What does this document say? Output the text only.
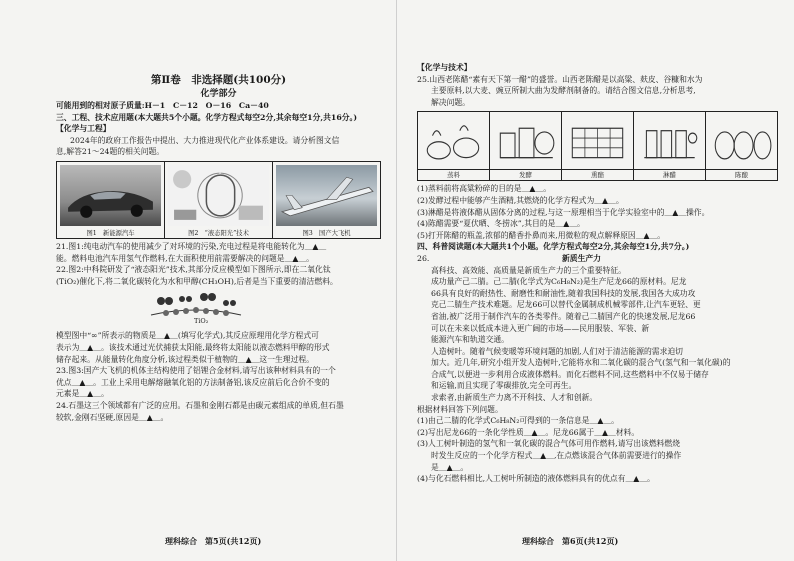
第Ⅱ卷　非选择题(共100分)
化学部分
可能用到的相对原子质量:H－1　C－12　O－16　Ca－40
三、工程、技术应用题(本大题共5个小题。化学方程式每空2分,其余每空1分,共16分。)
【化学与工程】
2024年的政府工作报告中提出、大力推进现代化产业体系建设。请分析图文信
息,解答21～24题的相关问题。
图1　新能源汽车	图2　“液态阳光”技术	图3　国产大飞机
21.图1:纯电动汽车的使用减少了对环境的污染,充电过程是将电能转化为＿▲＿
能。燃料电池汽车用氢气作燃料,在大面积使用前需要解决的问题是＿▲＿。
22.图2:中科院研发了“液态阳光”技术,其部分反应模型如下图所示,即在二氧化钛
(TiO₂)催化下,将二氧化碳转化为水和甲醇(CH₃OH),后者是当下重要的清洁燃料。
TiO₂
模型图中“∞”所表示的物质是＿▲＿(填写化学式),其反应原理用化学方程式可
表示为＿▲＿。该技术通过光伏捕获太阳能,最终将太阳能以液态燃料甲醇的形式
储存起来。从能量转化角度分析,该过程类似于植物的＿▲＿这一生理过程。
23.图3:国产大飞机的机体主结构使用了铝锂合金材料,请写出该种材料具有的一个
优点＿▲＿。工业上采用电解熔融氧化铝的方法制备铝,该反应前后化合价不变的
元素是＿▲＿。
24.石墨这三个领域都有广泛的应用。石墨和金刚石都是由碳元素组成的单质,但石墨
较软,金刚石坚硬,原因是＿▲＿。
理科综合　第5页(共12页)
【化学与技术】
25.山西老陈醋“素有天下第一醋”的盛誉。山西老陈醋是以高粱、麸皮、谷糠和水为
主要原料,以大麦、豌豆所制大曲为发酵剂制备的。请结合图文信息,分析思考,
解决问题。
蒸料	发酵	熏醅	淋醋	陈酿
(1)蒸料前将高粱粉碎的目的是＿▲＿。
(2)发酵过程中能够产生酒精,其燃烧的化学方程式为＿▲＿。
(3)淋醋是将液体醋从固体分离的过程,与这一原理相当于化学实验室中的＿▲＿操作。
(4)陈醋需要“夏伏晒、冬捞冰”,其目的是＿▲＿。
(5)打开陈醋的瓶盖,浓郁的醋香扑鼻而来,用微粒的观点解释原因＿▲＿。
四、科普阅读题(本大题共1个小题。化学方程式每空2分,其余每空1分,共7分。)
26.	新质生产力
高科技、高效能、高质量是新质生产力的三个重要特征。
成功量产己二腈。己二腈(化学式为C₆H₈N₂)是生产尼龙66的原材料。尼龙
66具有良好的耐热性、耐磨性和耐油性,随着我国科技的发展,我国各大成功攻
克己二腈生产技术难题。尼龙66可以替代金属制成机械零部件,让汽车更轻、更
省油,被广泛用于制作汽车的各类零件。随着己二腈国产化的快速发展,尼龙66
可以在未来以低成本进入更广阔的市场——民用服装、军装、新
能源汽车和轨道交通。
人造树叶。随着气候变暖等环境问题的加剧,人们对于清洁能源的需求迫切
加大。近几年,研究小组开发人造树叶,它能将水和二氧化碳的混合气(氢气和一氧化碳)的
合成气,以便进一步利用合成液体燃料。而化石燃料不同,这些燃料中不仅易于储存
和运输,而且实现了零碳排放,完全可再生。
求索者,由新质生产力离不开科技、人才和创新。
根据材料回答下列问题。
(1)由己二腈的化学式C₆H₈N₂可得到的一条信息是＿▲＿。
(2)写出尼龙66的一条化学性质＿▲＿。尼龙66属于＿▲＿材料。
(3)人工树叶制造的氢气和一氧化碳的混合气体可用作燃料,请写出该燃料燃烧
时发生反应的一个化学方程式＿▲＿,在点燃该混合气体前需要进行的操作
是＿▲＿。
(4)与化石燃料相比,人工树叶所制造的液体燃料具有的优点有＿▲＿。
理科综合　第6页(共12页)
